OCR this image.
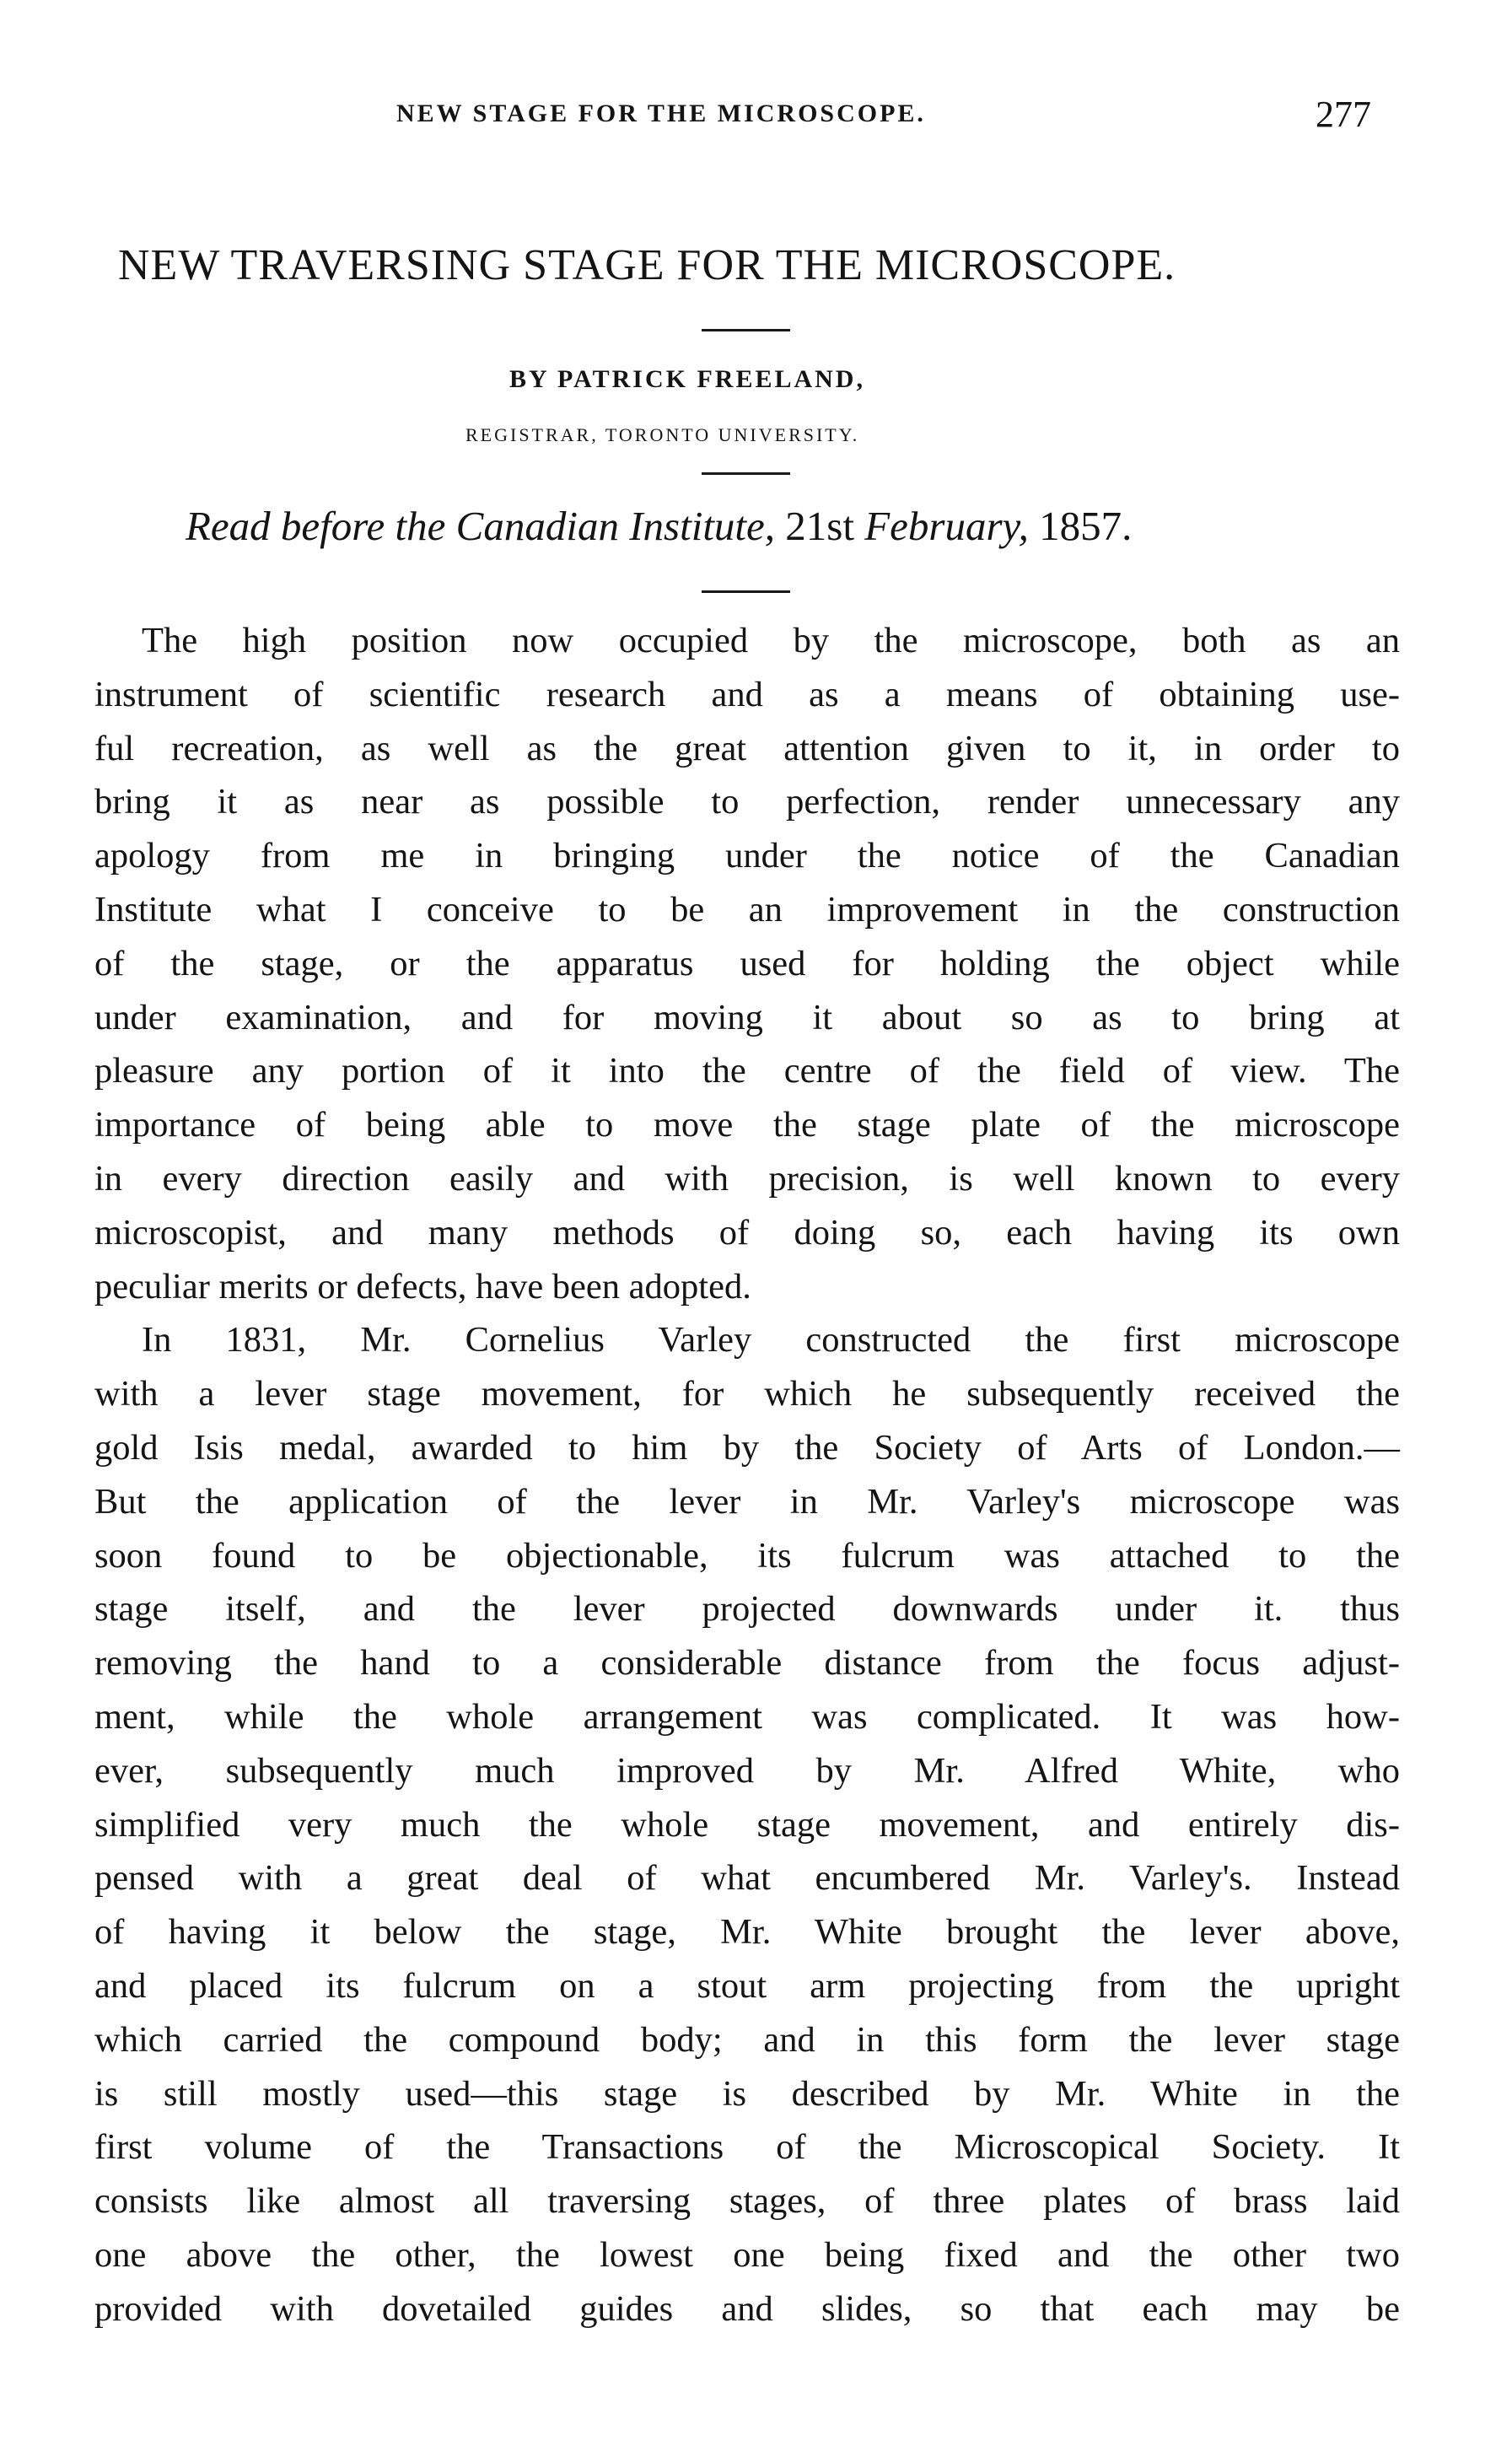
NEW STAGE FOR THE MICROSCOPE.	277
NEW TRAVERSING STAGE FOR THE MICROSCOPE.
BY PATRICK FREELAND,
REGISTRAR, TORONTO UNIVERSITY.
Read before the Canadian Institute, 21st February, 1857.
The high position now occupied by the microscope, both as an
instrument of scientific research and as a means of obtaining use-
ful recreation, as well as the great attention given to it, in order to
bring it as near as possible to perfection, render unnecessary any
apology from me in bringing under the notice of the Canadian
Institute what I conceive to be an improvement in the construction
of the stage, or the apparatus used for holding the object while
under examination, and for moving it about so as to bring at
pleasure any portion of it into the centre of the field of view. The
importance of being able to move the stage plate of the microscope
in every direction easily and with precision, is well known to every
microscopist, and many methods of doing so, each having its own
peculiar merits or defects, have been adopted.
In 1831, Mr. Cornelius Varley constructed the first microscope
with a lever stage movement, for which he subsequently received the
gold Isis medal, awarded to him by the Society of Arts of London.—
But the application of the lever in Mr. Varley's microscope was
soon found to be objectionable, its fulcrum was attached to the
stage itself, and the lever projected downwards under it. thus
removing the hand to a considerable distance from the focus adjust-
ment, while the whole arrangement was complicated. It was how-
ever, subsequently much improved by Mr. Alfred White, who
simplified very much the whole stage movement, and entirely dis-
pensed with a great deal of what encumbered Mr. Varley's. Instead
of having it below the stage, Mr. White brought the lever above,
and placed its fulcrum on a stout arm projecting from the upright
which carried the compound body; and in this form the lever stage
is still mostly used—this stage is described by Mr. White in the
first volume of the Transactions of the Microscopical Society. It
consists like almost all traversing stages, of three plates of brass laid
one above the other, the lowest one being fixed and the other two
provided with dovetailed guides and slides, so that each may be
